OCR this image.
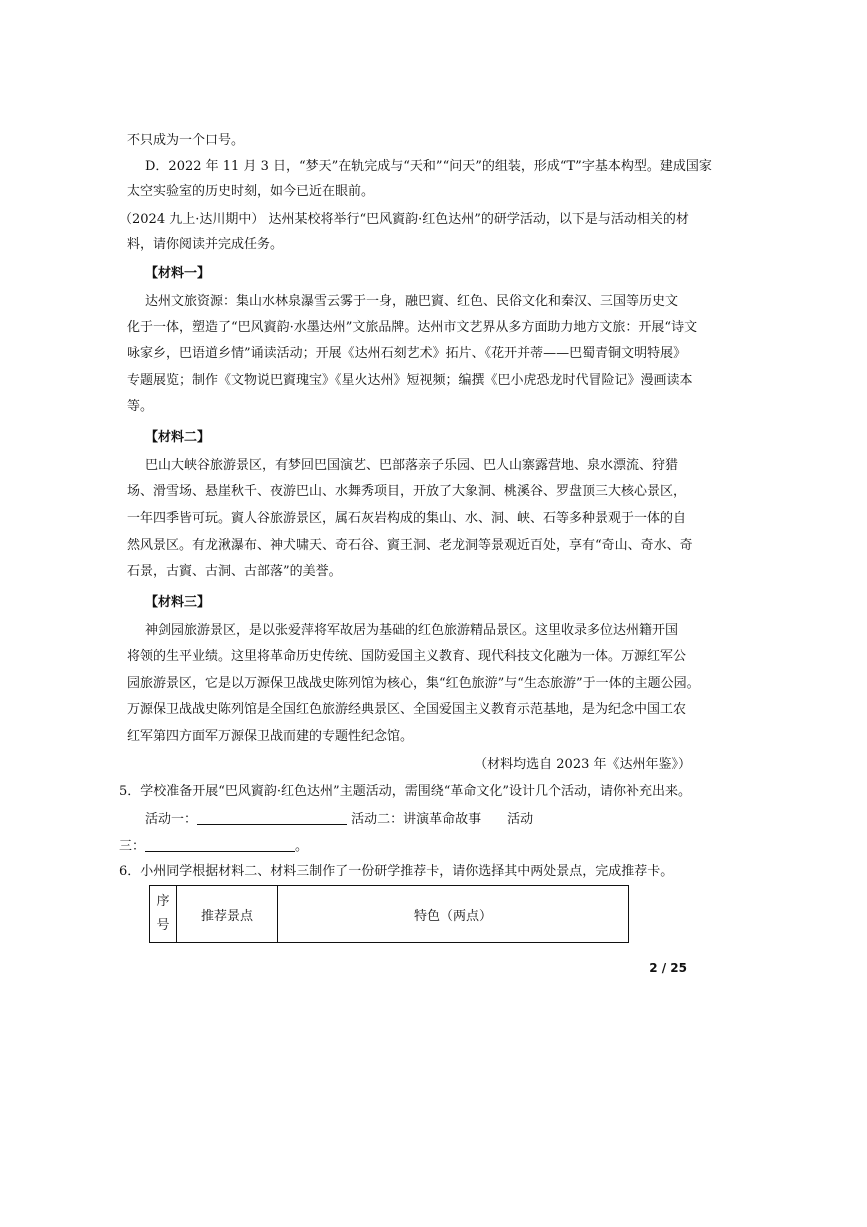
不只成为一个口号。
D．2022 年 11 月 3 日，“梦天”在轨完成与“天和”“问天”的组装，形成“T”字基本构型。建成国家
太空实验室的历史时刻，如今已近在眼前。
（2024 九上·达川期中） 达州某校将举行“巴风賨韵·红色达州”的研学活动，以下是与活动相关的材
料，请你阅读并完成任务。
【材料一】
达州文旅资源：集山水林泉瀑雪云雾于一身，融巴賨、红色、民俗文化和秦汉、三国等历史文
化于一体，塑造了“巴风賨韵·水墨达州”文旅品牌。达州市文艺界从多方面助力地方文旅：开展“诗文
咏家乡，巴语道乡情”诵读活动；开展《达州石刻艺术》拓片、《花开并蒂——巴蜀青铜文明特展》
专题展览；制作《文物说巴賨瑰宝》《星火达州》短视频；编撰《巴小虎恐龙时代冒险记》漫画读本
等。
【材料二】
巴山大峡谷旅游景区，有梦回巴国演艺、巴部落亲子乐园、巴人山寨露营地、泉水漂流、狩猎
场、滑雪场、悬崖秋千、夜游巴山、水舞秀项目，开放了大象洞、桃溪谷、罗盘顶三大核心景区，
一年四季皆可玩。賨人谷旅游景区，属石灰岩构成的集山、水、洞、峡、石等多种景观于一体的自
然风景区。有龙湫瀑布、神犬啸天、奇石谷、賨王洞、老龙洞等景观近百处，享有“奇山、奇水、奇
石景，古賨、古洞、古部落”的美誉。
【材料三】
神剑园旅游景区，是以张爱萍将军故居为基础的红色旅游精品景区。这里收录多位达州籍开国
将领的生平业绩。这里将革命历史传统、国防爱国主义教育、现代科技文化融为一体。万源红军公
园旅游景区，它是以万源保卫战战史陈列馆为核心，集“红色旅游”与“生态旅游”于一体的主题公园。
万源保卫战战史陈列馆是全国红色旅游经典景区、全国爱国主义教育示范基地，是为纪念中国工农
红军第四方面军万源保卫战而建的专题性纪念馆。
（材料均选自 2023 年《达州年鉴》）
5．学校准备开展“巴风賨韵·红色达州”主题活动，需围绕“革命文化”设计几个活动，请你补充出来。
活动一：	活动二：讲演革命故事　　活动
三：	。
6．小州同学根据材料二、材料三制作了一份研学推荐卡，请你选择其中两处景点，完成推荐卡。
序
号	推荐景点	特色（两点）
2 / 25
